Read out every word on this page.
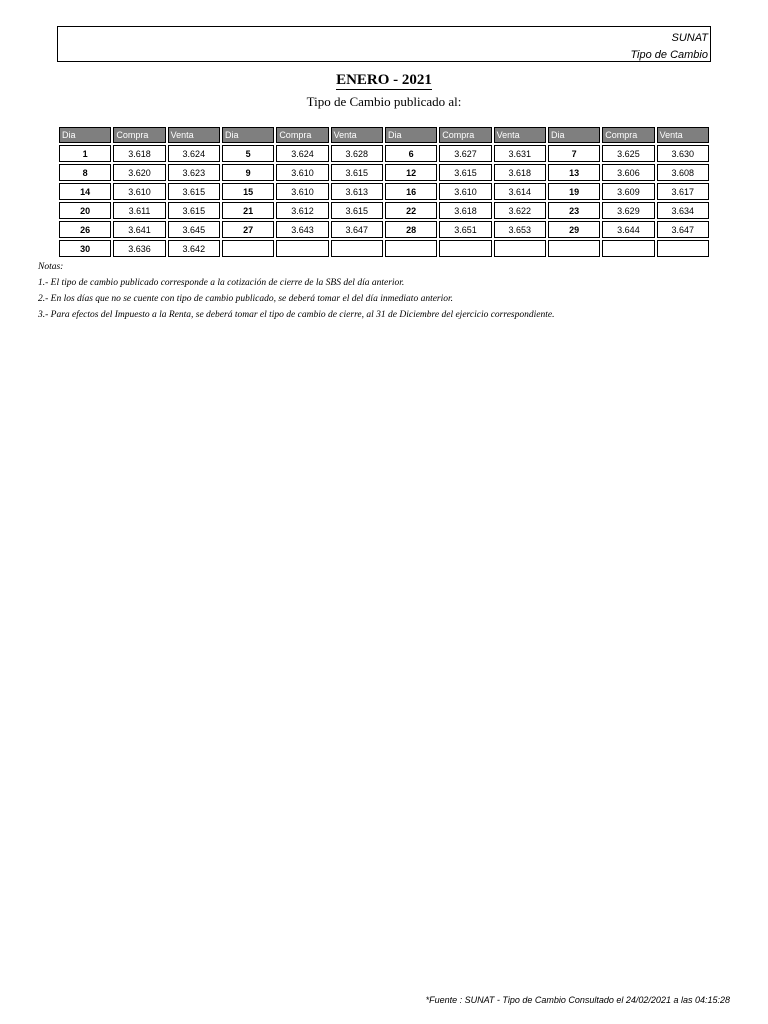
SUNAT
Tipo de Cambio
ENERO - 2021
Tipo de Cambio publicado al:
Dia	Compra	Venta	Dia	Compra	Venta	Dia	Compra	Venta	Dia	Compra	Venta
1	3.618	3.624	5	3.624	3.628	6	3.627	3.631	7	3.625	3.630
8	3.620	3.623	9	3.610	3.615	12	3.615	3.618	13	3.606	3.608
14	3.610	3.615	15	3.610	3.613	16	3.610	3.614	19	3.609	3.617
20	3.611	3.615	21	3.612	3.615	22	3.618	3.622	23	3.629	3.634
26	3.641	3.645	27	3.643	3.647	28	3.651	3.653	29	3.644	3.647
30	3.636	3.642									
Notas:
1.- El tipo de cambio publicado corresponde a la cotización de cierre de la SBS del día anterior.
2.- En los días que no se cuente con tipo de cambio publicado, se deberá tomar el del día inmediato anterior.
3.- Para efectos del Impuesto a la Renta, se deberá tomar el tipo de cambio de cierre, al 31 de Diciembre del ejercicio correspondiente.
*Fuente : SUNAT - Tipo de Cambio Consultado el 24/02/2021 a las 04:15:28
